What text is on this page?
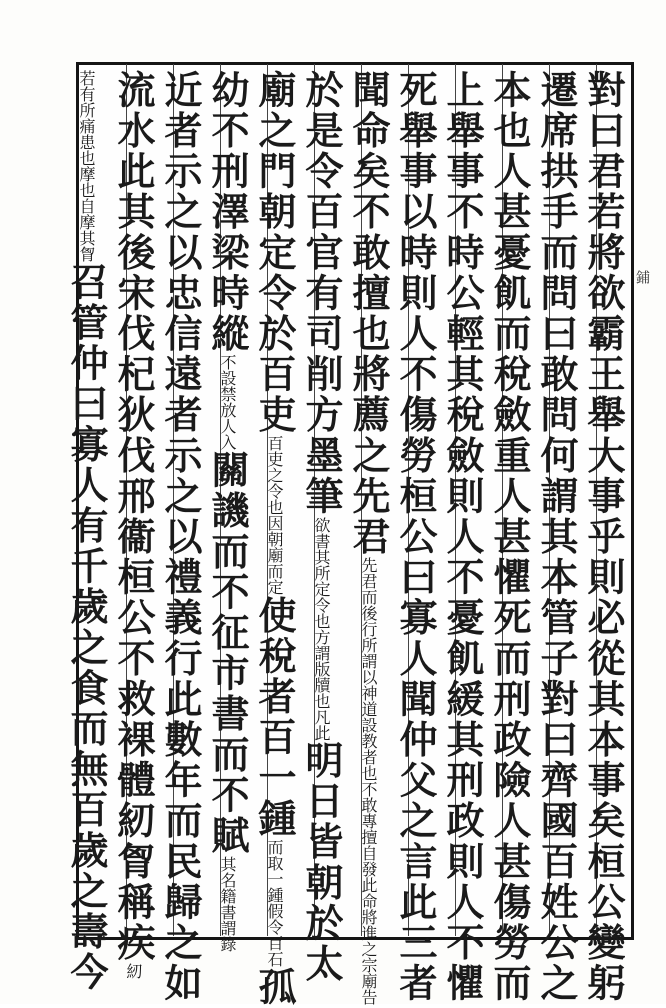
對曰君若將欲霸王舉大事乎則必從其本事矣桓公變躬
遷席拱手而問曰敢問何謂其本管子對曰齊國百姓公之
本也人甚憂飢而稅斂重人甚懼死而刑政險人甚傷勞而
上舉事不時公輕其稅斂則人不憂飢緩其刑政則人不懼
死舉事以時則人不傷勞桓公曰寡人聞仲父之言此三者
聞命矣不敢擅也將薦之先君
不敢專擅自發此命將進之宗廟告
先君而後行所謂以神道設教者也
於是令百官有司削方墨筆
方謂版牘也凡此
欲書其所定令也
明日皆朝於太
廟之門朝定令於百吏
因朝廟而定
百吏之令也
使稅者百一鍾
假令百石
而取一鍾
孤
幼不刑澤梁時縱
放人入
不設禁
關譏而不征市書而不賦
書謂錄
其名籍
近者示之以忠信遠者示之以禮義行此數年而民歸之如
流水此其後宋伐杞狄伐邢衞桓公不救裸體紉胷稱疾
紉
摩也自摩其胷
若有所痛患也
召管仲曰寡人有千歲之食而無百歲之壽今	鋪
